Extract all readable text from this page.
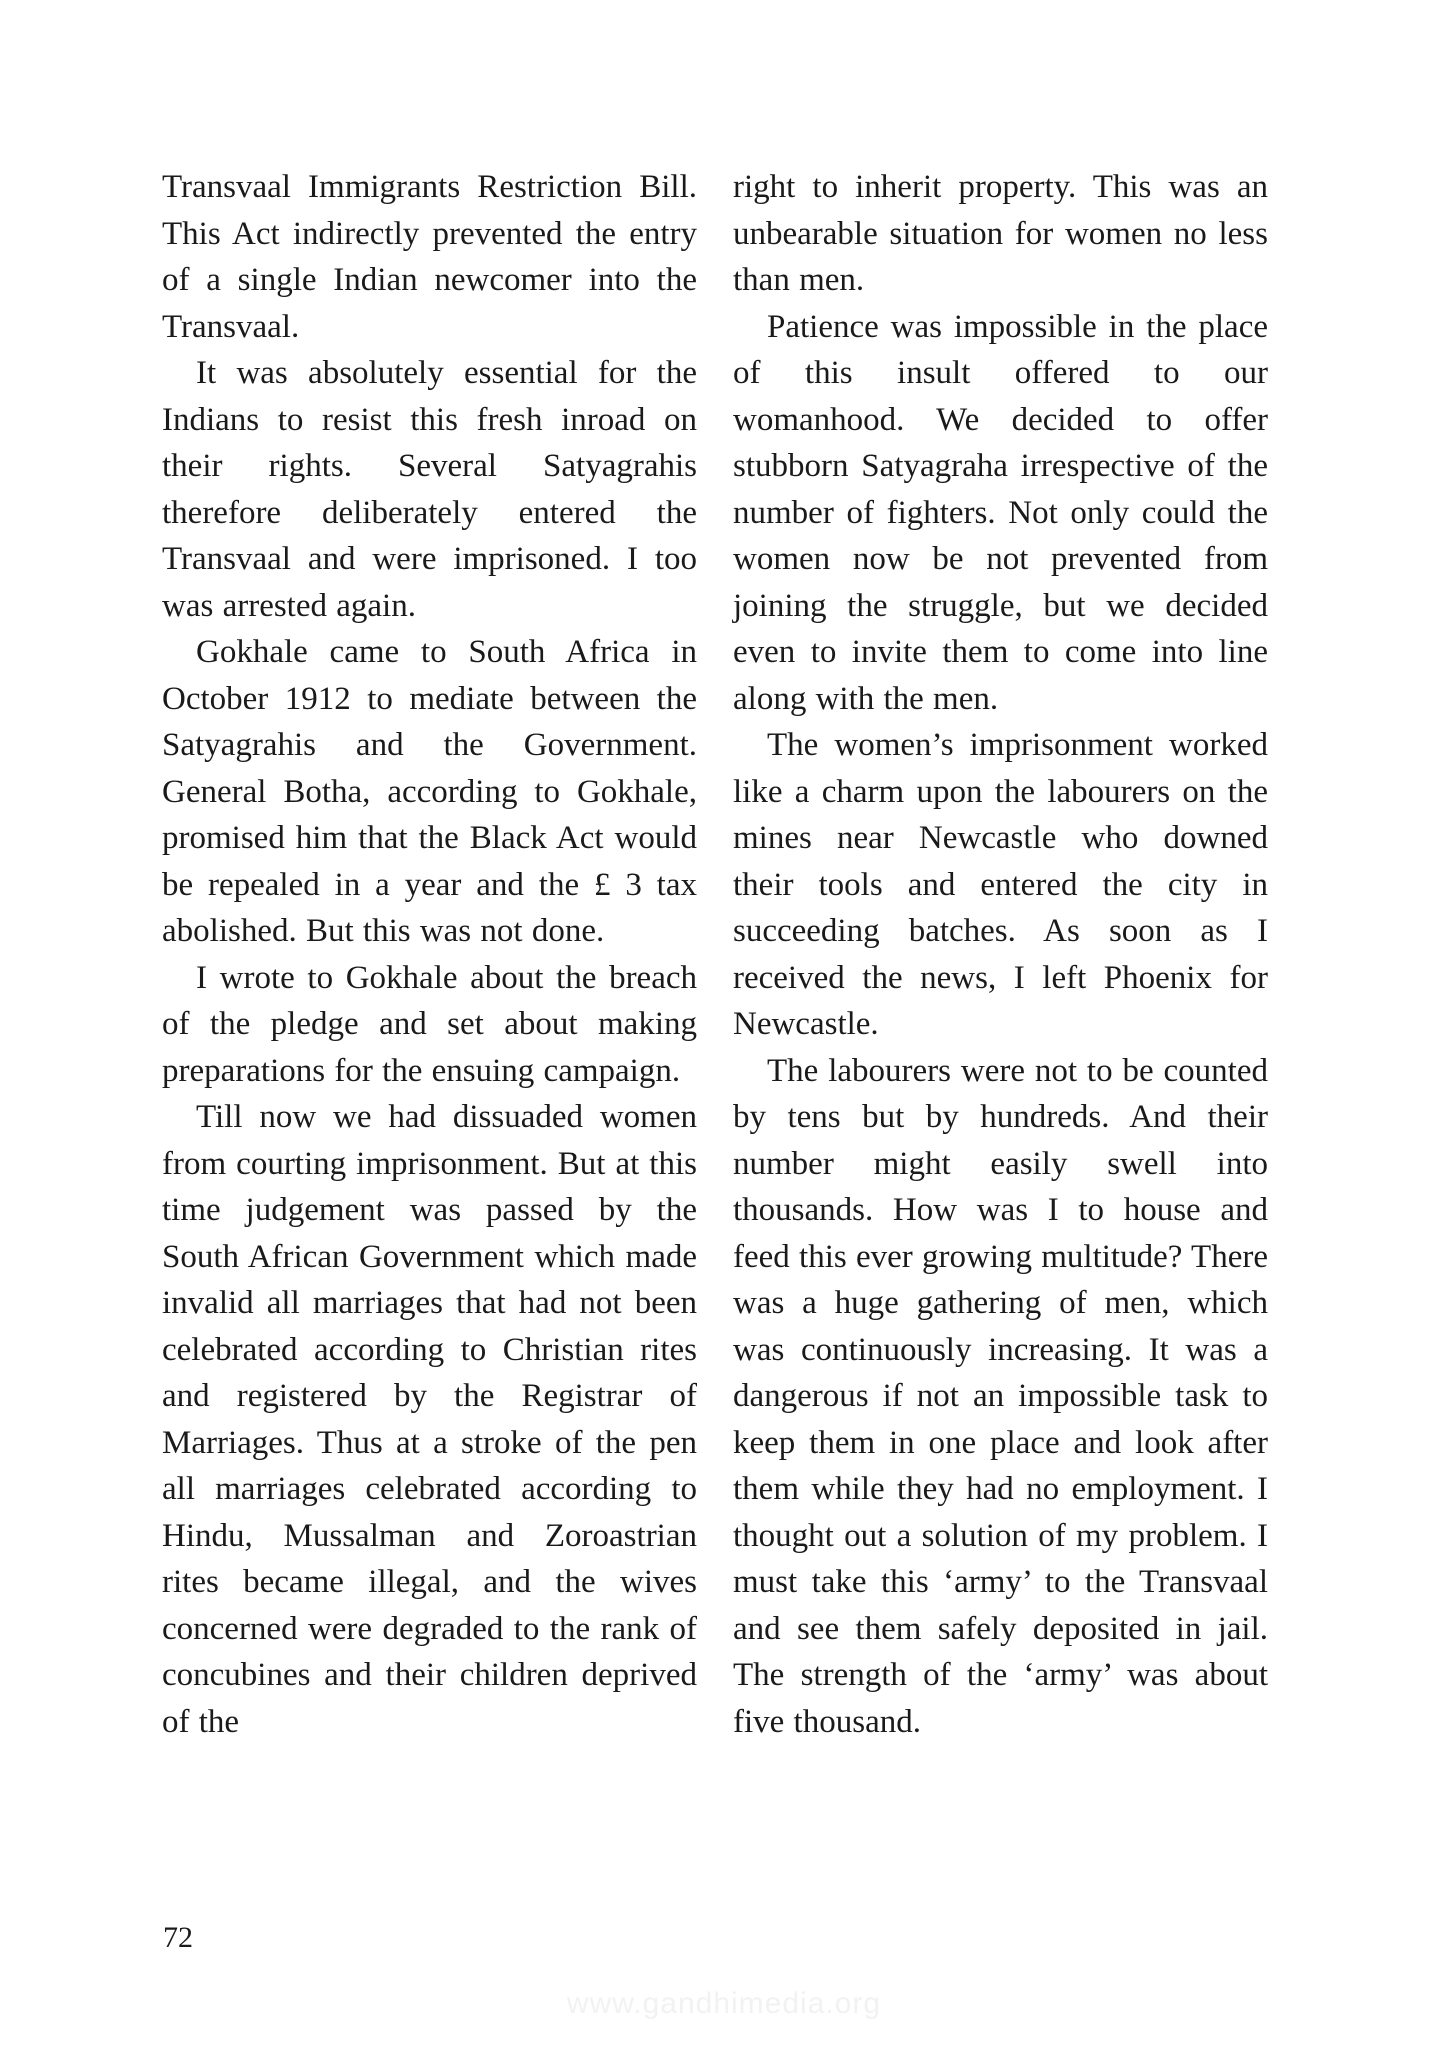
Transvaal Immigrants Restriction Bill. This Act indirectly prevented the entry of a single Indian newcomer into the Transvaal.

It was absolutely essential for the Indians to resist this fresh inroad on their rights. Several Satyagrahis therefore deliberately entered the Transvaal and were imprisoned. I too was arrested again.

Gokhale came to South Africa in October 1912 to mediate between the Satyagrahis and the Government. General Botha, according to Gokhale, promised him that the Black Act would be repealed in a year and the £ 3 tax abolished. But this was not done.

I wrote to Gokhale about the breach of the pledge and set about making preparations for the ensuing campaign.

Till now we had dissuaded women from courting imprisonment. But at this time judgement was passed by the South African Government which made invalid all marriages that had not been celebrated according to Christian rites and registered by the Registrar of Marriages. Thus at a stroke of the pen all marriages celebrated according to Hindu, Mussalman and Zoroastrian rites became illegal, and the wives concerned were degraded to the rank of concubines and their children deprived of the

right to inherit property. This was an unbearable situation for women no less than men.

Patience was impossible in the place of this insult offered to our womanhood. We decided to offer stubborn Satyagraha irrespective of the number of fighters. Not only could the women now be not prevented from joining the struggle, but we decided even to invite them to come into line along with the men.

The women’s imprisonment worked like a charm upon the labourers on the mines near Newcastle who downed their tools and entered the city in succeeding batches. As soon as I received the news, I left Phoenix for Newcastle.

The labourers were not to be counted by tens but by hundreds. And their number might easily swell into thousands. How was I to house and feed this ever growing multitude? There was a huge gathering of men, which was continuously increasing. It was a dangerous if not an impossible task to keep them in one place and look after them while they had no employment. I thought out a solution of my problem. I must take this ‘army’ to the Transvaal and see them safely deposited in jail. The strength of the ‘army’ was about five thousand.

72
www.gandhimedia.org
